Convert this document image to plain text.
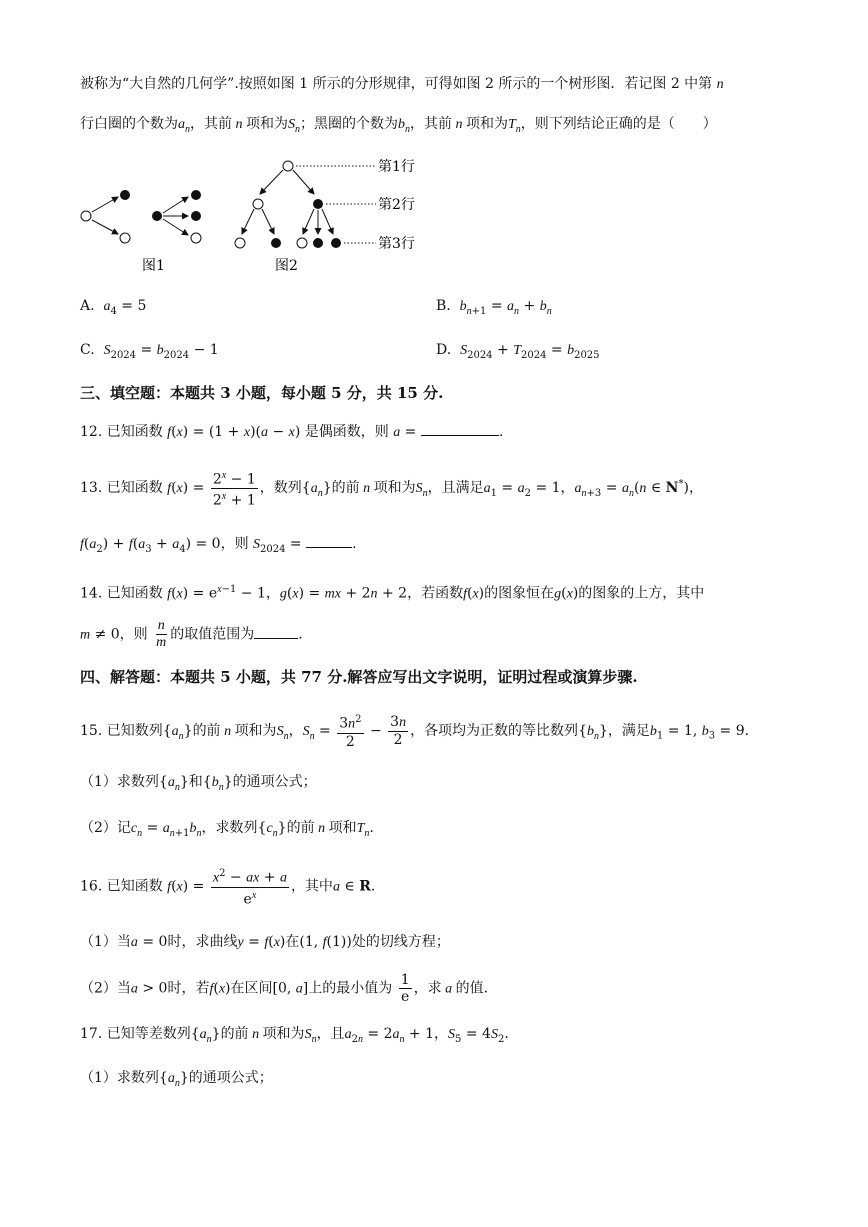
被称为“大自然的几何学”.按照如图 1 所示的分形规律，可得如图 2 所示的一个树形图．若记图 2 中第 n
行白圈的个数为$a_n$，其前 n 项和为$S_n$；黑圈的个数为$b_n$，其前 n 项和为$T_n$，则下列结论正确的是（　　）
图1
第1行
第2行
第3行
图2
A. $a_4 = 5$	B. $b_{n+1} = a_n + b_n$
C. $S_{2024} = b_{2024} - 1$	D. $S_{2024} + T_{2024} = b_{2025}$
三、填空题：本题共 3 小题，每小题 5 分，共 15 分.
12. 已知函数 f(x) = (1 + x)(a − x) 是偶函数，则 a =	.
13. 已知函数 $f(x) = \frac{2^x - 1}{2^x + 1}$ ，数列$\{a_n\}$的前 n 项和为$S_n$，且满足$a_1 = a_2 = 1$，$a_{n+3} = a_n(n$ ∈ N*)，
$f(a_2) + f(a_3 + a_4) = 0$，则 $S_{2024}$ =	.
14. 已知函数 $f(x) = e^{x-1} - 1$，g(x) = mx + 2n + 2，若函数f(x)的图象恒在g(x)的图象的上方，其中
m ≠ 0，则 $\frac{n}{m}$ 的取值范围为	.
四、解答题：本题共 5 小题，共 77 分.解答应写出文字说明，证明过程或演算步骤.
15. 已知数列$\{a_n\}$的前 n 项和为$S_n$，$S_n = \frac{3n^2}{2} - \frac{3n}{2}$ ，各项均为正数的等比数列$\{b_n\}$，满足$b_1 = 1$, $b_3 = 9$.
（1）求数列$\{a_n\}$和$\{b_n\}$的通项公式；
（2）记$c_n = a_{n+1}b_n$，求数列$\{c_n\}$的前 n 项和$T_n$.
16. 已知函数 $f(x) = \frac{x^2 - ax + a}{e^x}$ ，其中a ∈ R.
（1）当a = 0时，求曲线y = f(x)在(1, f(1))处的切线方程；
（2）当a > 0时，若f(x)在区间[0, a]上的最小值为 $\frac{1}{e}$ ，求 a 的值.
17. 已知等差数列$\{a_n\}$的前 n 项和为$S_n$，且$a_{2n} = 2a_n + 1$，$S_5 = 4S_2$.
（1）求数列$\{a_n\}$的通项公式；
